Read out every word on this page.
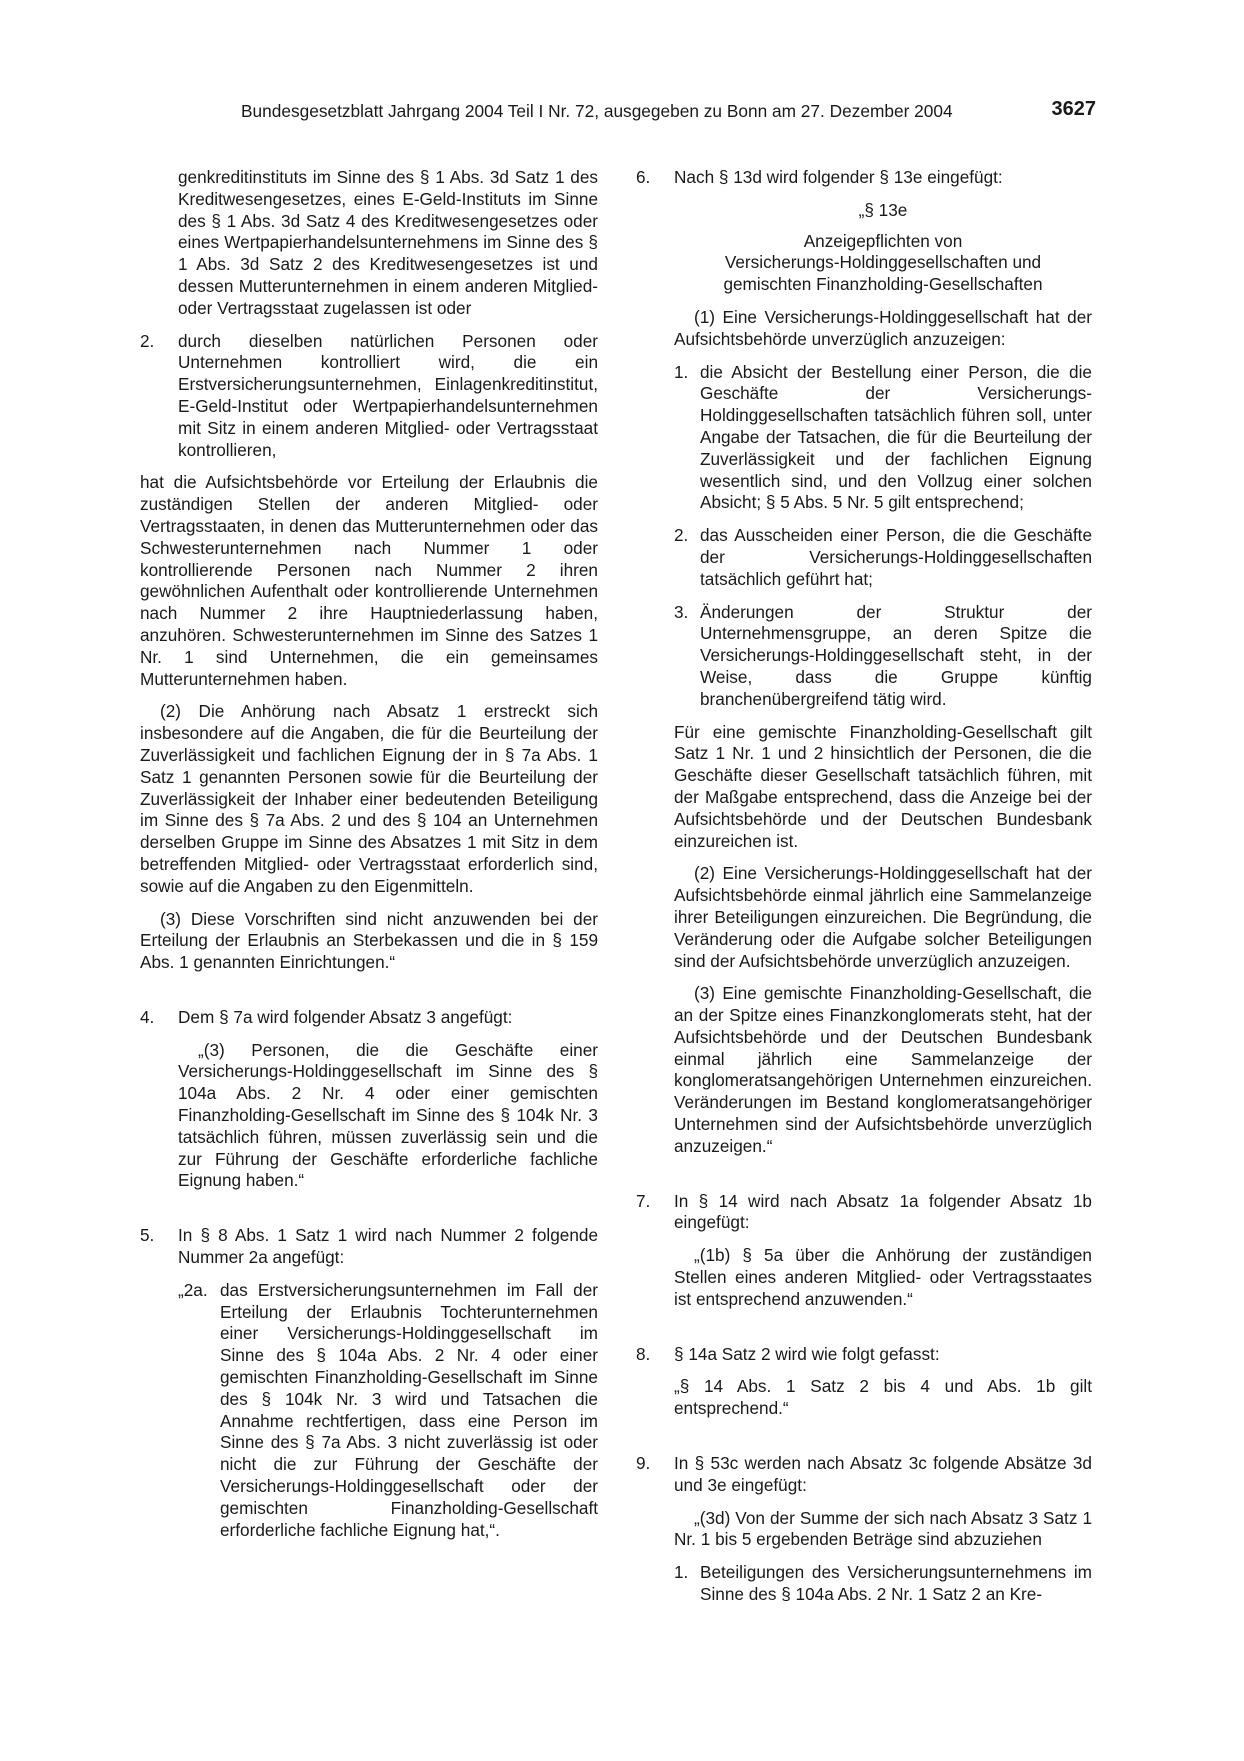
Bundesgesetzblatt Jahrgang 2004 Teil I Nr. 72, ausgegeben zu Bonn am 27. Dezember 2004	3627

genkreditinstituts im Sinne des § 1 Abs. 3d Satz 1 des Kreditwesengesetzes, eines E-Geld-Instituts im Sinne des § 1 Abs. 3d Satz 4 des Kreditwesengesetzes oder eines Wertpapierhandelsunternehmens im Sinne des § 1 Abs. 3d Satz 2 des Kreditwesengesetzes ist und dessen Mutterunternehmen in einem anderen Mitglied- oder Vertragsstaat zugelassen ist oder

2. durch dieselben natürlichen Personen oder Unternehmen kontrolliert wird, die ein Erstversicherungsunternehmen, Einlagenkreditinstitut, E-Geld-Institut oder Wertpapierhandelsunternehmen mit Sitz in einem anderen Mitglied- oder Vertragsstaat kontrollieren,

hat die Aufsichtsbehörde vor Erteilung der Erlaubnis die zuständigen Stellen der anderen Mitglied- oder Vertragsstaaten, in denen das Mutterunternehmen oder das Schwesterunternehmen nach Nummer 1 oder kontrollierende Personen nach Nummer 2 ihren gewöhnlichen Aufenthalt oder kontrollierende Unternehmen nach Nummer 2 ihre Hauptniederlassung haben, anzuhören. Schwesterunternehmen im Sinne des Satzes 1 Nr. 1 sind Unternehmen, die ein gemeinsames Mutterunternehmen haben.

(2) Die Anhörung nach Absatz 1 erstreckt sich insbesondere auf die Angaben, die für die Beurteilung der Zuverlässigkeit und fachlichen Eignung der in § 7a Abs. 1 Satz 1 genannten Personen sowie für die Beurteilung der Zuverlässigkeit der Inhaber einer bedeutenden Beteiligung im Sinne des § 7a Abs. 2 und des § 104 an Unternehmen derselben Gruppe im Sinne des Absatzes 1 mit Sitz in dem betreffenden Mitglied- oder Vertragsstaat erforderlich sind, sowie auf die Angaben zu den Eigenmitteln.

(3) Diese Vorschriften sind nicht anzuwenden bei der Erteilung der Erlaubnis an Sterbekassen und die in § 159 Abs. 1 genannten Einrichtungen.“

4. Dem § 7a wird folgender Absatz 3 angefügt:

„(3) Personen, die die Geschäfte einer Versicherungs-Holdinggesellschaft im Sinne des § 104a Abs. 2 Nr. 4 oder einer gemischten Finanzholding-Gesellschaft im Sinne des § 104k Nr. 3 tatsächlich führen, müssen zuverlässig sein und die zur Führung der Geschäfte erforderliche fachliche Eignung haben.“

5. In § 8 Abs. 1 Satz 1 wird nach Nummer 2 folgende Nummer 2a angefügt:
„2a. das Erstversicherungsunternehmen im Fall der Erteilung der Erlaubnis Tochterunternehmen einer Versicherungs-Holdinggesellschaft im Sinne des § 104a Abs. 2 Nr. 4 oder einer gemischten Finanzholding-Gesellschaft im Sinne des § 104k Nr. 3 wird und Tatsachen die Annahme rechtfertigen, dass eine Person im Sinne des § 7a Abs. 3 nicht zuverlässig ist oder nicht die zur Führung der Geschäfte der Versicherungs-Holdinggesellschaft oder der gemischten Finanzholding-Gesellschaft erforderliche fachliche Eignung hat,“.
6. Nach § 13d wird folgender § 13e eingefügt:

„§ 13e

Anzeigepflichten von

Versicherungs-Holdinggesellschaften und

gemischten Finanzholding-Gesellschaften

(1) Eine Versicherungs-Holdinggesellschaft hat der Aufsichtsbehörde unverzüglich anzuzeigen:

1. die Absicht der Bestellung einer Person, die die Geschäfte der Versicherungs-Holdinggesellschaften tatsächlich führen soll, unter Angabe der Tatsachen, die für die Beurteilung der Zuverlässigkeit und der fachlichen Eignung wesentlich sind, und den Vollzug einer solchen Absicht; § 5 Abs. 5 Nr. 5 gilt entsprechend;
2. das Ausscheiden einer Person, die die Geschäfte der Versicherungs-Holdinggesellschaften tatsächlich geführt hat;
3. Änderungen der Struktur der Unternehmensgruppe, an deren Spitze die Versicherungs-Holdinggesellschaft steht, in der Weise, dass die Gruppe künftig branchenübergreifend tätig wird.

Für eine gemischte Finanzholding-Gesellschaft gilt Satz 1 Nr. 1 und 2 hinsichtlich der Personen, die die Geschäfte dieser Gesellschaft tatsächlich führen, mit der Maßgabe entsprechend, dass die Anzeige bei der Aufsichtsbehörde und der Deutschen Bundesbank einzureichen ist.

(2) Eine Versicherungs-Holdinggesellschaft hat der Aufsichtsbehörde einmal jährlich eine Sammelanzeige ihrer Beteiligungen einzureichen. Die Begründung, die Veränderung oder die Aufgabe solcher Beteiligungen sind der Aufsichtsbehörde unverzüglich anzuzeigen.

(3) Eine gemischte Finanzholding-Gesellschaft, die an der Spitze eines Finanzkonglomerats steht, hat der Aufsichtsbehörde und der Deutschen Bundesbank einmal jährlich eine Sammelanzeige der konglomeratsangehörigen Unternehmen einzureichen. Veränderungen im Bestand konglomeratsangehöriger Unternehmen sind der Aufsichtsbehörde unverzüglich anzuzeigen.“

7. In § 14 wird nach Absatz 1a folgender Absatz 1b eingefügt:

„(1b) § 5a über die Anhörung der zuständigen Stellen eines anderen Mitglied- oder Vertragsstaates ist entsprechend anzuwenden.“

8. § 14a Satz 2 wird wie folgt gefasst:

„§ 14 Abs. 1 Satz 2 bis 4 und Abs. 1b gilt entsprechend.“

9. In § 53c werden nach Absatz 3c folgende Absätze 3d und 3e eingefügt:

„(3d) Von der Summe der sich nach Absatz 3 Satz 1 Nr. 1 bis 5 ergebenden Beträge sind abzuziehen

1. Beteiligungen des Versicherungsunternehmens im Sinne des § 104a Abs. 2 Nr. 1 Satz 2 an Kre-
